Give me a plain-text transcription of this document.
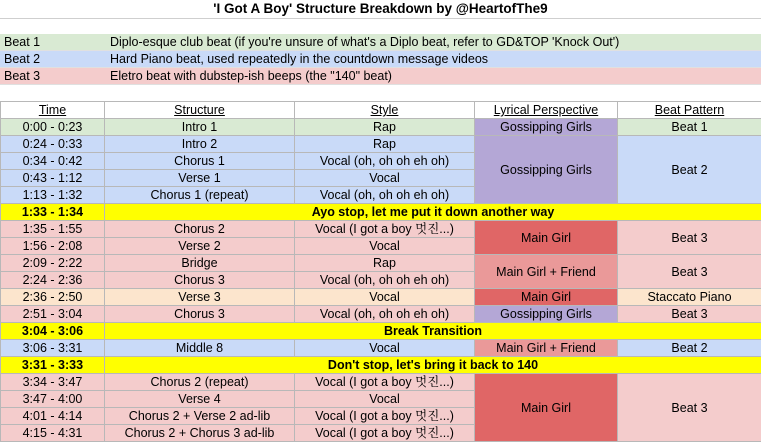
'I Got A Boy' Structure Breakdown by @HeartofThe9
Beat 1	Diplo-esque club beat (if you're unsure of what's a Diplo beat, refer to GD&TOP 'Knock Out')
Beat 2	Hard Piano beat, used repeatedly in the countdown message videos
Beat 3	Eletro beat with dubstep-ish beeps (the "140" beat)
Time	Structure	Style	Lyrical Perspective	Beat Pattern
0:00 - 0:23	Intro 1	Rap	Gossipping Girls	Beat 1
0:24 - 0:33	Intro 2	Rap	Gossipping Girls	Beat 2
0:34 - 0:42	Chorus 1	Vocal (oh, oh oh eh oh)		
0:43 - 1:12	Verse 1	Vocal		
1:13 - 1:32	Chorus 1 (repeat)	Vocal (oh, oh oh eh oh)		
1:33 - 1:34	Ayo stop, let me put it down another way			
1:35 - 1:55	Chorus 2	Vocal (I got a boy 멋진...)	Main Girl	Beat 3
1:56 - 2:08	Verse 2	Vocal		
2:09 - 2:22	Bridge	Rap	Main Girl + Friend	Beat 3
2:24 - 2:36	Chorus 3	Vocal (oh, oh oh eh oh)		
2:36 - 2:50	Verse 3	Vocal	Main Girl	Staccato Piano
2:51 - 3:04	Chorus 3	Vocal (oh, oh oh eh oh)	Gossipping Girls	Beat 3
3:04 - 3:06	Break Transition			
3:06 - 3:31	Middle 8	Vocal	Main Girl + Friend	Beat 2
3:31 - 3:33	Don't stop, let's bring it back to 140			
3:34 - 3:47	Chorus 2 (repeat)	Vocal (I got a boy 멋진...)	Main Girl	Beat 3
3:47 - 4:00	Verse 4	Vocal		
4:01 - 4:14	Chorus 2 + Verse 2 ad-lib	Vocal (I got a boy 멋진...)		
4:15 - 4:31	Chorus 2 + Chorus 3 ad-lib	Vocal (I got a boy 멋진...)		
